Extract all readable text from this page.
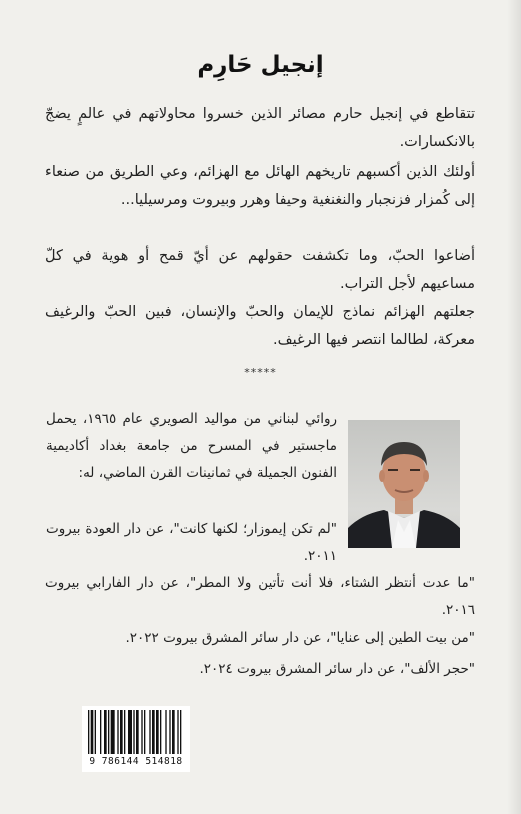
إنجيل حَارِم

تتقاطع في إنجيل حارم مصائر الذين خسروا محاولاتهم في عالمٍ يضجّ بالانكسارات.

أولئك الذين أكسبهم تاريخهم الهائل مع الهزائم، وعي الطريق من صنعاء إلى كُمزار فزنجبار والنغنغية وحيفا وهرر وبيروت ومرسيليا...

أضاعوا الحبّ، وما تكشفت حقولهم عن أيّ قمح أو هوية في كلّ مساعيهم لأجل التراب.

جعلتهم الهزائم نماذج للإيمان والحبّ والإنسان، فبين الحبّ والرغيف معركة، لطالما انتصر فيها الرغيف.

*****

روائي لبناني من مواليد الصويري عام ١٩٦٥، يحمل ماجستير في المسرح من جامعة بغداد أكاديمية الفنون الجميلة في ثمانينات القرن الماضي، له:

"لم تكن إيموزار؛ لكنها كانت"، عن دار العودة بيروت ٢٠١١.

"ما عدت أنتظر الشتاء، فلا أنت تأتين ولا المطر"، عن دار الفارابي بيروت ٢٠١٦.

"من بيت الطين إلى عنايا"، عن دار سائر المشرق بيروت ٢٠٢٢.

"حجر الألف"، عن دار سائر المشرق بيروت ٢٠٢٤.

9 786144 514818
